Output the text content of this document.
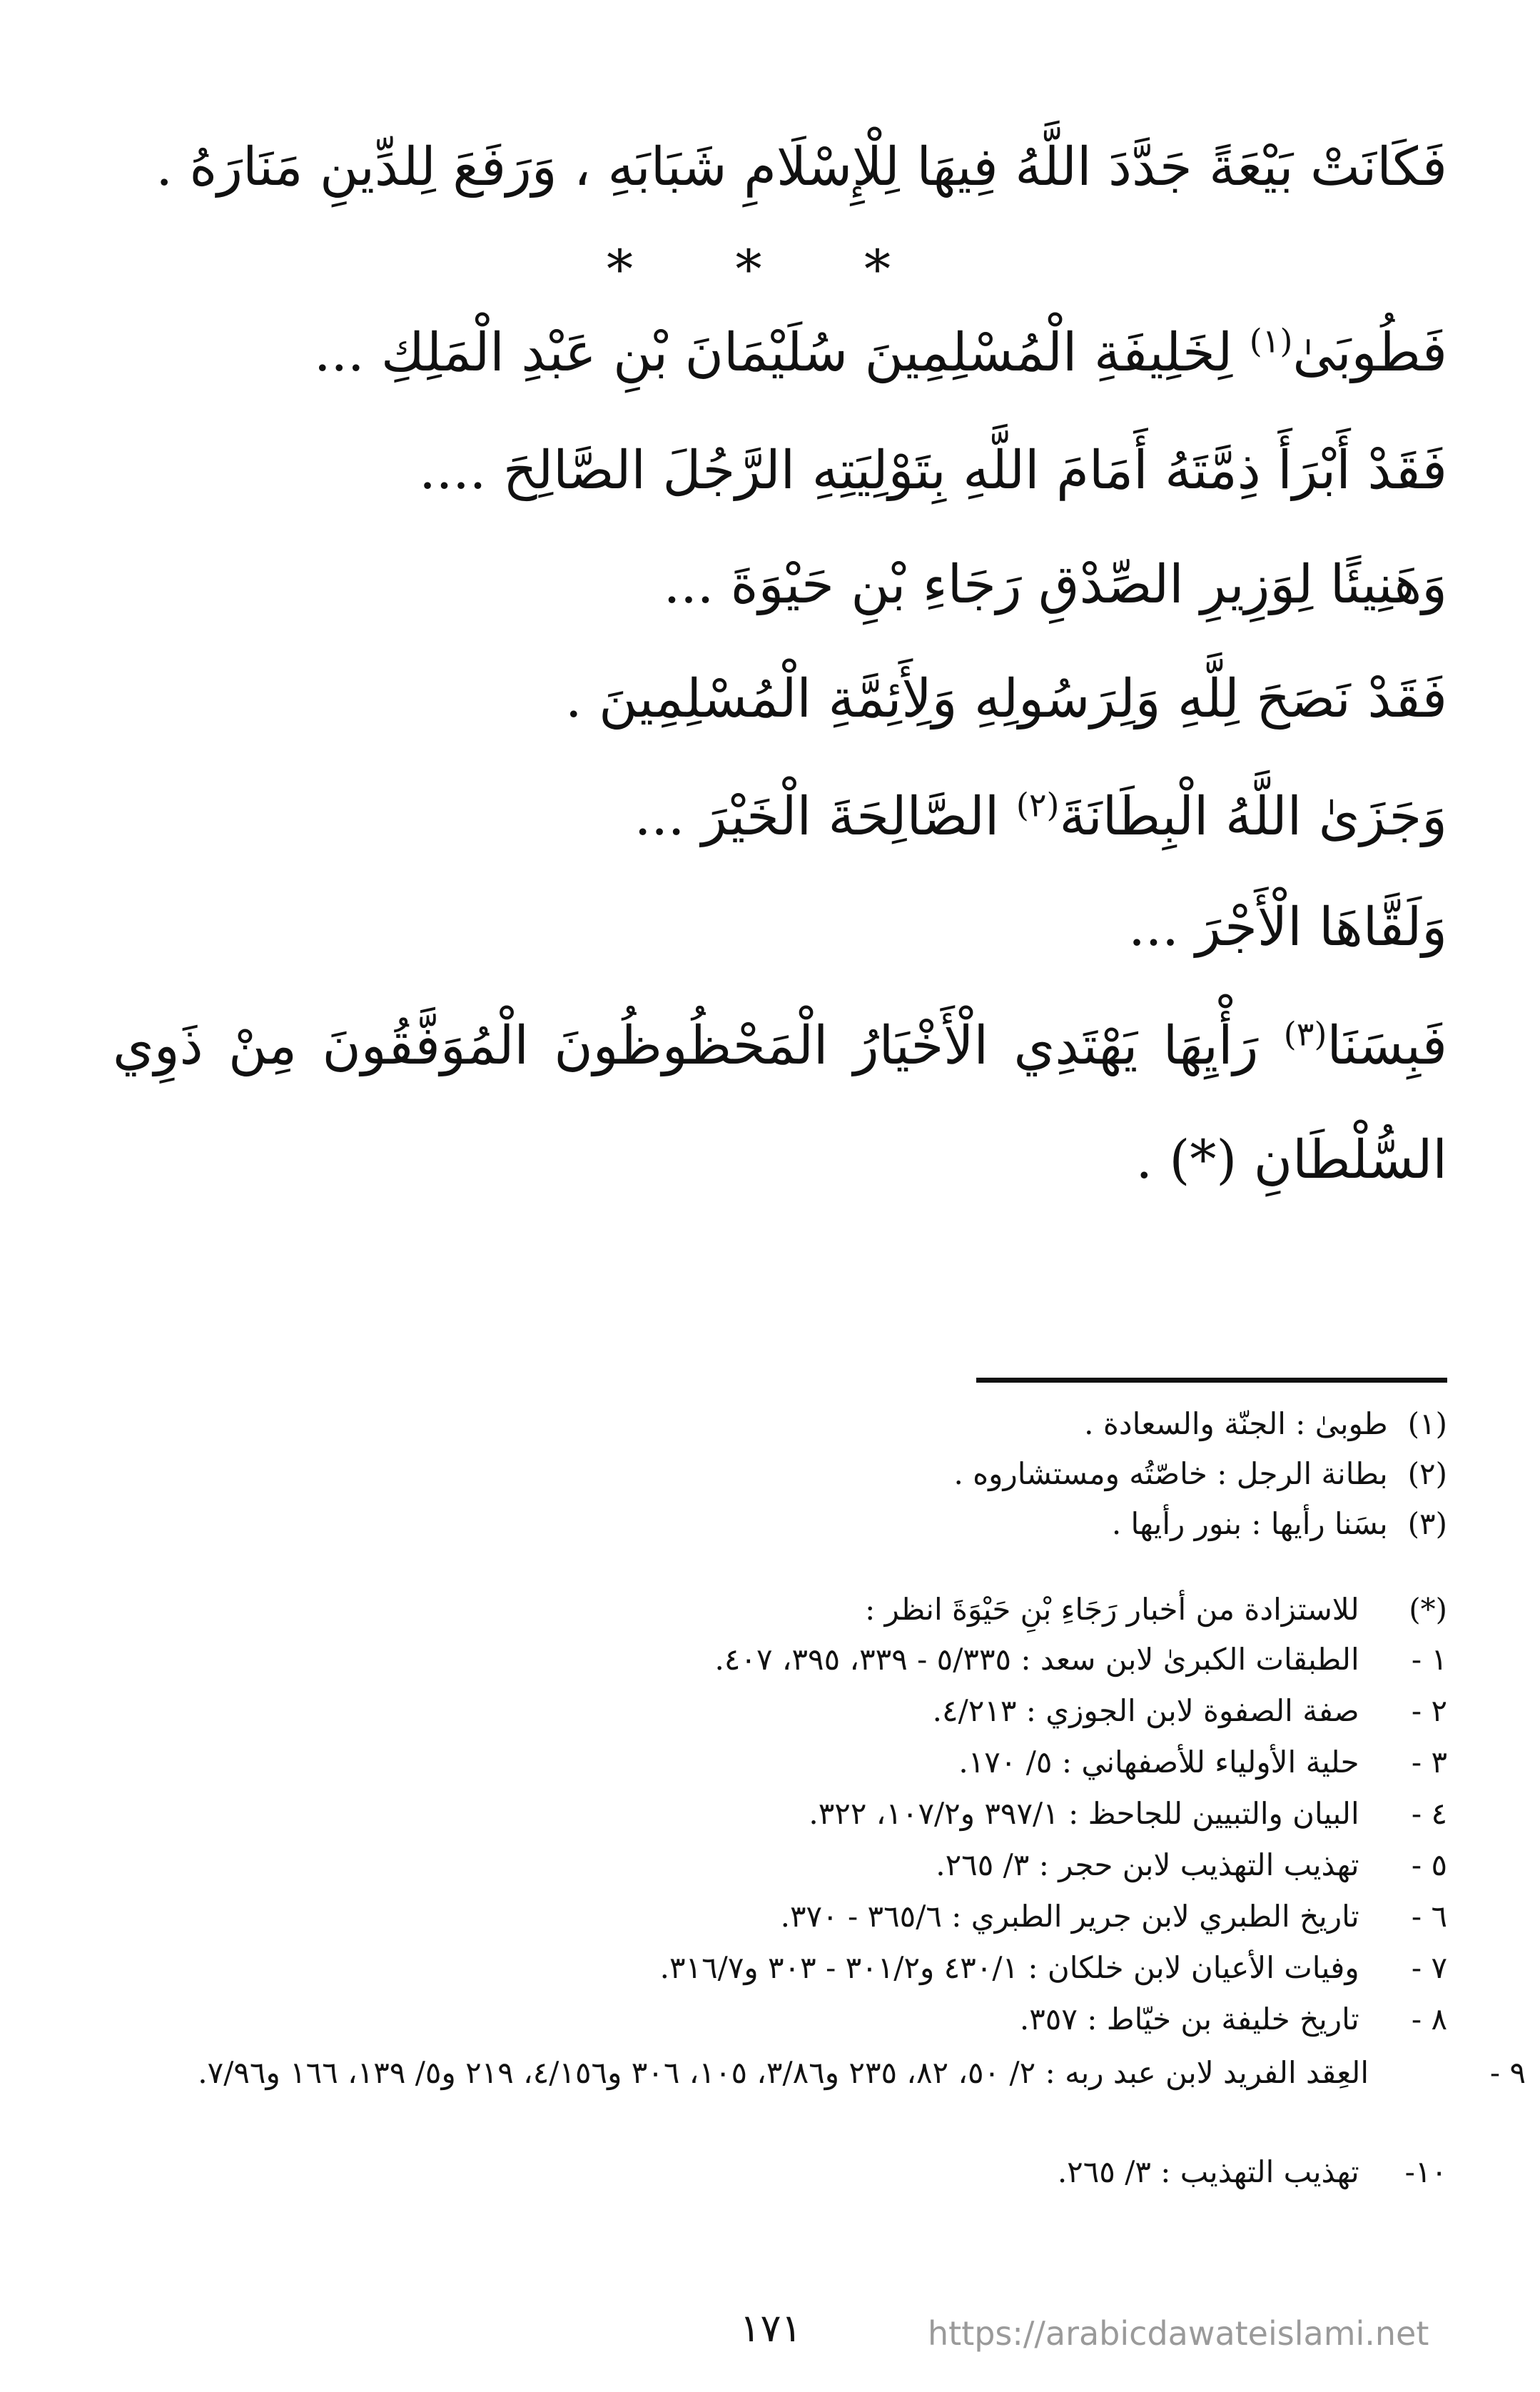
فَكَانَتْ بَيْعَةً جَدَّدَ اللَّهُ فِيهَا لِلْإِسْلَامِ شَبَابَهِ ، وَرَفَعَ لِلدِّينِ مَنَارَهُ .
* * *
فَطُوبَىٰ$^{(١)}$ لِخَلِيفَةِ الْمُسْلِمِينَ سُلَيْمَانَ بْنِ عَبْدِ الْمَلِكِ ...
فَقَدْ أَبْرَأَ ذِمَّتَهُ أَمَامَ اللَّهِ بِتَوْلِيَتِهِ الرَّجُلَ الصَّالِحَ ....
وَهَنِيئًا لِوَزِيرِ الصِّدْقِ رَجَاءِ بْنِ حَيْوَةَ ...
فَقَدْ نَصَحَ لِلَّهِ وَلِرَسُولِهِ وَلِأَئِمَّةِ الْمُسْلِمِينَ .
وَجَزَىٰ اللَّهُ الْبِطَانَةَ$^{(٢)}$ الصَّالِحَةَ الْخَيْرَ ...
وَلَقَّاهَا الْأَجْرَ ...
فَبِسَنَا$^{(٣)}$ رَأْيِهَا يَهْتَدِي الْأَخْيَارُ الْمَحْظُوظُونَ الْمُوَفَّقُونَ مِنْ ذَوِي السُّلْطَانِ (*) .
(١) طوبىٰ : الجنّة والسعادة .
(٢) بطانة الرجل : خاصّتُه ومستشاروه .
(٣) بسَنا رأيها : بنور رأيها .
(*) للاستزادة من أخبار رَجَاءِ بْنِ حَيْوَةَ انظر :
١ - الطبقات الكبرىٰ لابن سعد : ٥/٣٣٥ - ٣٣٩، ٣٩٥، ٤٠٧.
٢ - صفة الصفوة لابن الجوزي : ٤/٢١٣.
٣ - حلية الأولياء للأصفهاني : ٥/ ١٧٠.
٤ - البيان والتبيين للجاحظ : ٣٩٧/١ و١٠٧/٢، ٣٢٢.
٥ - تهذيب التهذيب لابن حجر : ٣/ ٢٦٥.
٦ - تاريخ الطبري لابن جرير الطبري : ٣٦٥/٦ - ٣٧٠.
٧ - وفيات الأعيان لابن خلكان : ٤٣٠/١ و٣٠١/٢ - ٣٠٣ و٣١٦/٧.
٨ - تاريخ خليفة بن خيّاط : ٣٥٧.
٩ -العِقد الفريد لابن عبد ربه : ٢/ ٥٠، ٨٢، ٢٣٥ و٣/٨٦، ١٠٥، ٣٠٦ و٤/١٥٦، ٢١٩ و٥/ ١٣٩، ١٦٦ و٧/٩٦.
١٠- تهذيب التهذيب : ٣/ ٢٦٥.
١٧١	https://arabicdawateislami.net
